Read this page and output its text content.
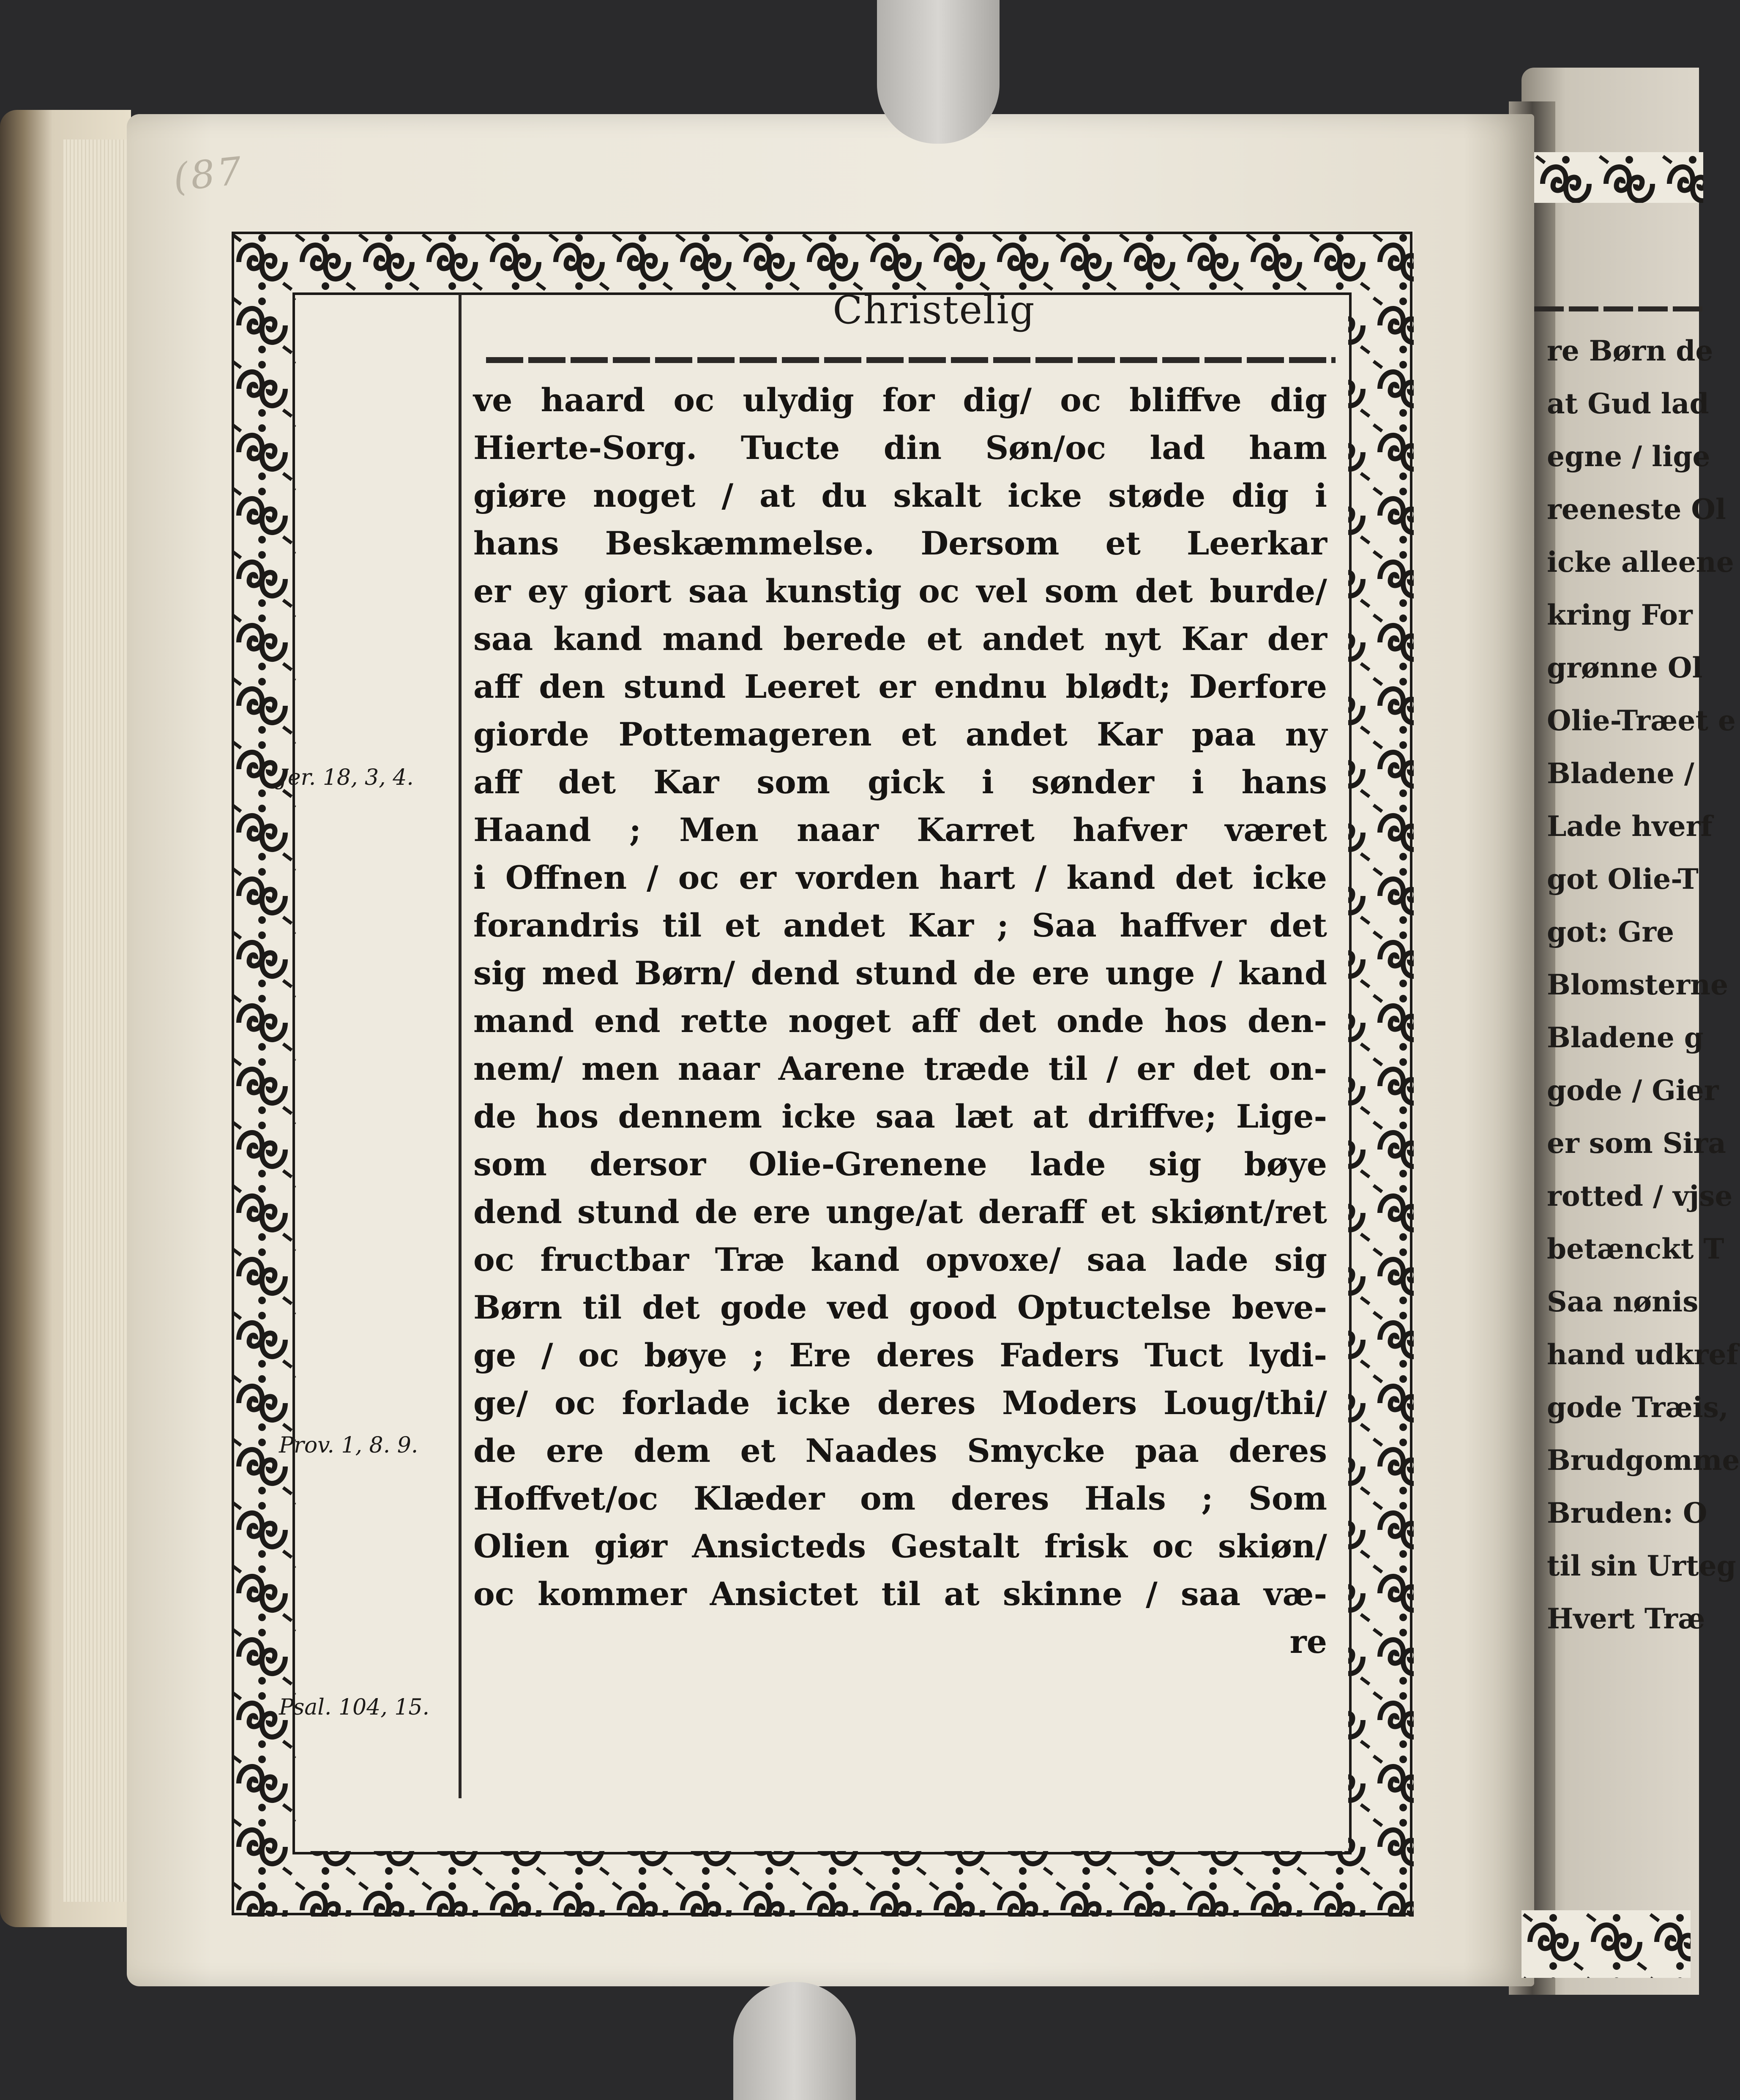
(87
Christelig
ve haard oc ulydig for dig/ oc bliffve dig
Hierte-Sorg. Tucte din Søn/oc lad ham
giøre noget / at du skalt icke støde dig i
hans Beskæmmelse. Dersom et Leerkar
er ey giort saa kunstig oc vel som det burde/
saa kand mand berede et andet nyt Kar der
aff den stund Leeret er endnu blødt; Derfore
giorde Pottemageren et andet Kar paa ny
aff det Kar som gick i sønder i hans
Haand ; Men naar Karret hafver været
i Offnen / oc er vorden hart / kand det icke
forandris til et andet Kar ; Saa haffver det
sig med Børn/ dend stund de ere unge / kand
mand end rette noget aff det onde hos den-
nem/ men naar Aarene træde til / er det on-
de hos dennem icke saa læt at driffve; Lige-
som dersor Olie-Grenene lade sig bøye
dend stund de ere unge/at deraff et skiønt/ret
oc fructbar Træ kand opvoxe/ saa lade sig
Børn til det gode ved good Optuctelse beve-
ge / oc bøye ; Ere deres Faders Tuct lydi-
ge/ oc forlade icke deres Moders Loug/thi/
de ere dem et Naades Smycke paa deres
Hoffvet/oc Klæder om deres Hals ; Som
Olien giør Ansicteds Gestalt frisk oc skiøn/
oc kommer Ansictet til at skinne / saa væ-
re
Jer. 18, 3, 4.
Prov. 1, 8. 9.
Psal. 104, 15.
re Børn de
at Gud lad
egne / lige
reeneste Ol
icke alleene
kring For
grønne Ol
Olie-Træet e
Bladene /
Lade hverf
got Olie-T
got: Gre
Blomsterne
Bladene g
gode / Gier
er som Sira
rotted / vjse
betænckt T
Saa nønis
hand udkref
gode Træis,
Brudgomme
Bruden: O
til sin Urteg
Hvert Træ
